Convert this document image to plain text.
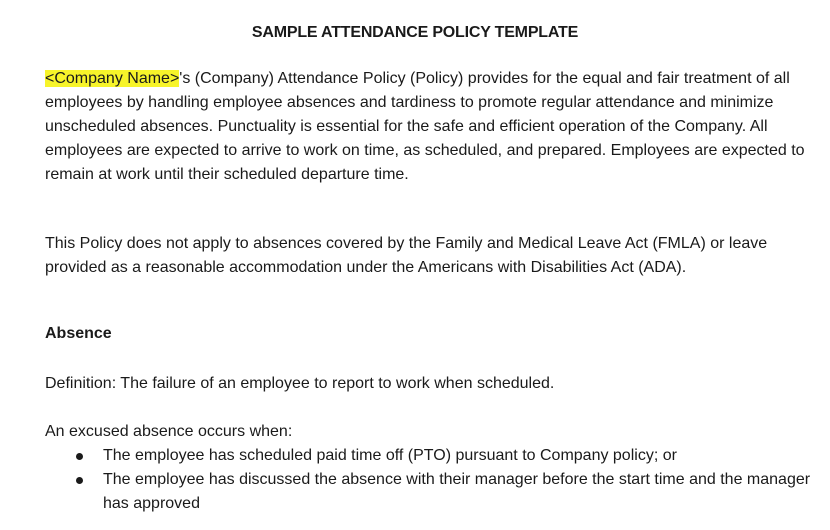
SAMPLE ATTENDANCE POLICY TEMPLATE
<Company Name>'s (Company) Attendance Policy (Policy) provides for the equal and fair treatment of all employees by handling employee absences and tardiness to promote regular attendance and minimize unscheduled absences. Punctuality is essential for the safe and efficient operation of the Company. All employees are expected to arrive to work on time, as scheduled, and prepared. Employees are expected to remain at work until their scheduled departure time.
This Policy does not apply to absences covered by the Family and Medical Leave Act (FMLA) or leave provided as a reasonable accommodation under the Americans with Disabilities Act (ADA).
Absence
Definition: The failure of an employee to report to work when scheduled.
An excused absence occurs when:
The employee has scheduled paid time off (PTO) pursuant to Company policy; or
The employee has discussed the absence with their manager before the start time and the manager has approved
